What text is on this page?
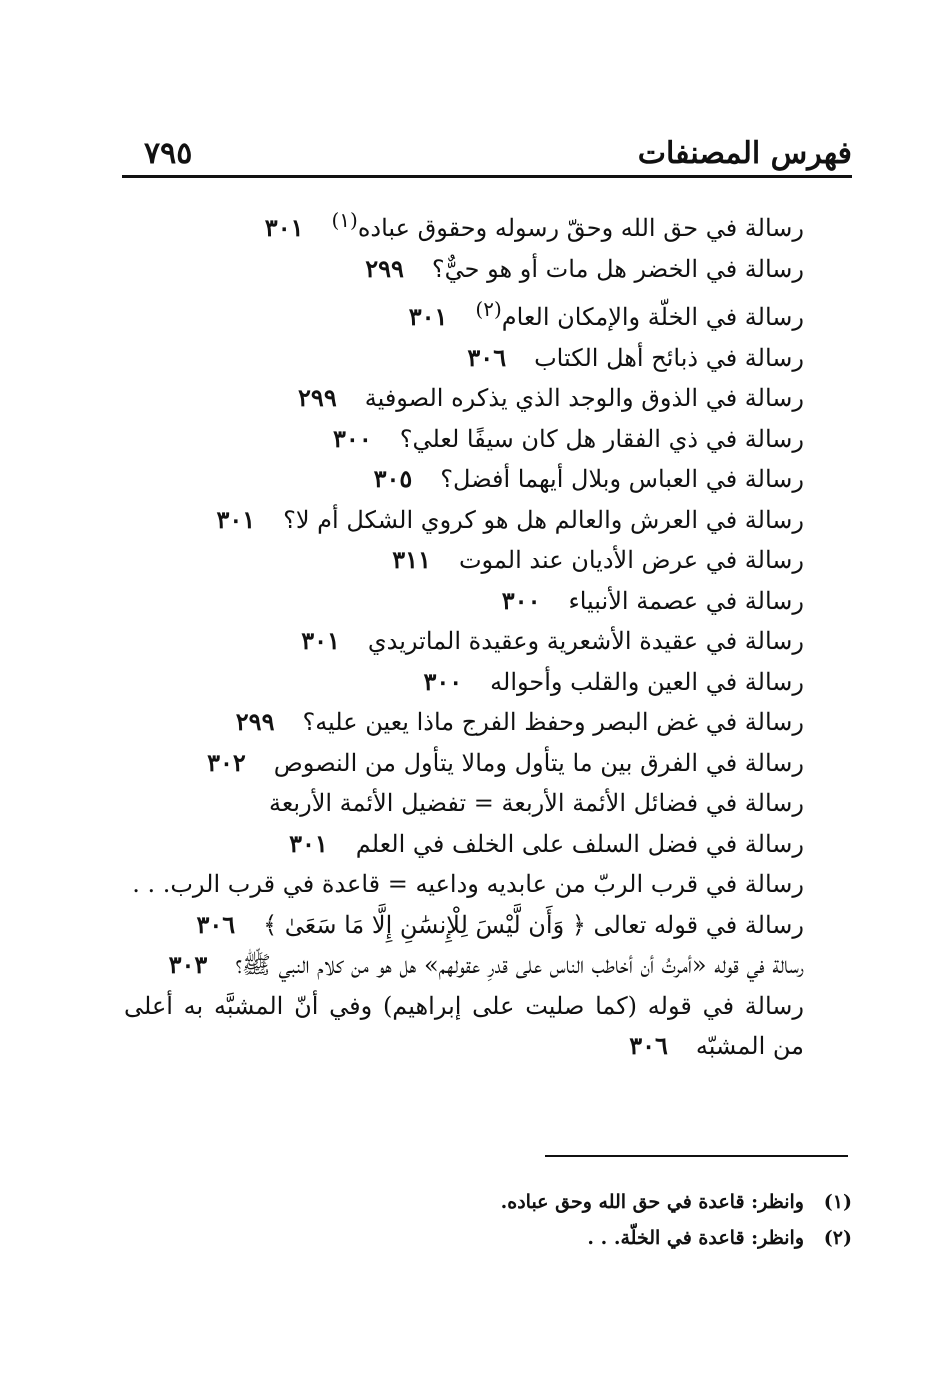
فهرس المصنفات
٧٩٥
رسالة في حق الله وحقّ رسوله وحقوق عباده$^{(١)}$٣٠١
رسالة في الخضر هل مات أو هو حيٌّ؟٢٩٩
رسالة في الخلّة والإمكان العام$^{(٢)}$٣٠١
رسالة في ذبائح أهل الكتاب٣٠٦
رسالة في الذوق والوجد الذي يذكره الصوفية٢٩٩
رسالة في ذي الفقار هل كان سيفًا لعلي؟٣٠٠
رسالة في العباس وبلال أيهما أفضل؟٣٠٥
رسالة في العرش والعالم هل هو كروي الشكل أم لا؟٣٠١
رسالة في عرض الأديان عند الموت٣١١
رسالة في عصمة الأنبياء٣٠٠
رسالة في عقيدة الأشعرية وعقيدة الماتريدي٣٠١
رسالة في العين والقلب وأحواله٣٠٠
رسالة في غض البصر وحفظ الفرج ماذا يعين عليه؟٢٩٩
رسالة في الفرق بين ما يتأول ومالا يتأول من النصوص٣٠٢
رسالة في فضائل الأئمة الأربعة = تفضيل الأئمة الأربعة
رسالة في فضل السلف على الخلف في العلم٣٠١
رسالة في قرب الربّ من عابديه وداعيه = قاعدة في قرب الرب. . .
رسالة في قوله تعالى ﴿ وَأَن لَّيْسَ لِلْإِنسَٰنِ إِلَّا مَا سَعَىٰ ﴾٣٠٦
رسالة في قوله «أمرتُ أن أخاطب الناس على قدرِ عقولهم» هل هو من كلام النبي ﷺ؟٣٠٣
رسالة في قوله (كما صليت على إبراهيم) وفي أنّ المشبَّه به أعلى من المشبّه٣٠٦
(١)وانظر: قاعدة في حق الله وحق عباده.
(٢)وانظر: قاعدة في الخلّة. . .
